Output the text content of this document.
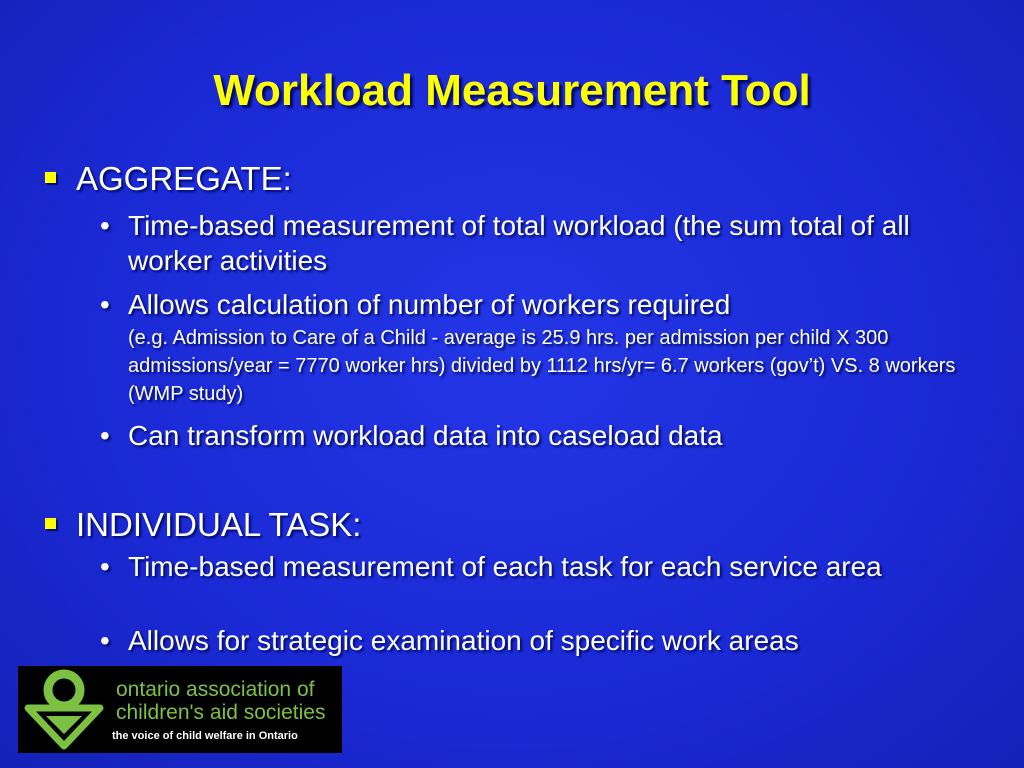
Workload Measurement Tool
AGGREGATE:
• Time-based measurement of total workload (the sum total of all worker activities
• Allows calculation of number of workers required
(e.g. Admission to Care of a Child - average is 25.9 hrs. per admission per child X 300 admissions/year = 7770 worker hrs) divided by 1112 hrs/yr= 6.7 workers (gov’t) VS. 8 workers (WMP study)
• Can transform workload data into caseload data
INDIVIDUAL TASK:
• Time-based measurement of each task for each service area
• Allows for strategic examination of specific work areas
ontario association of
children's aid societies
the voice of child welfare in Ontario
